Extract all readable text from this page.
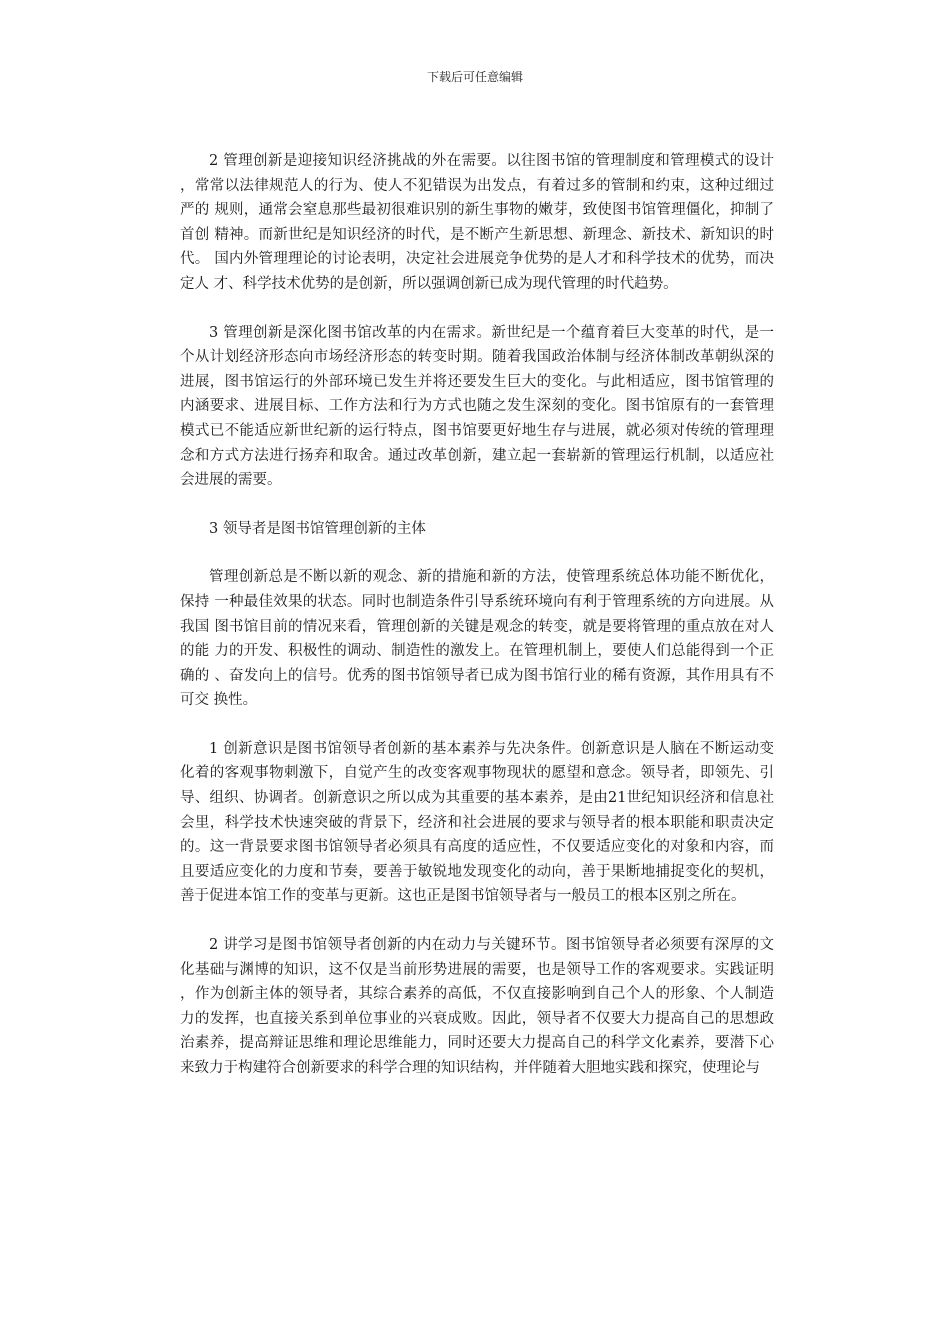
下载后可任意编辑

2 管理创新是迎接知识经济挑战的外在需要。以往图书馆的管理制度和管理模式的设计 ，常常以法律规范人的行为、使人不犯错误为出发点，有着过多的管制和约束，这种过细过严的 规则，通常会窒息那些最初很难识别的新生事物的嫩芽，致使图书馆管理僵化，抑制了首创 精神。而新世纪是知识经济的时代，是不断产生新思想、新理念、新技术、新知识的时代。 国内外管理理论的讨论表明，决定社会进展竞争优势的是人才和科学技术的优势，而决定人 才、科学技术优势的是创新，所以强调创新已成为现代管理的时代趋势。

3 管理创新是深化图书馆改革的内在需求。新世纪是一个蕴育着巨大变革的时代，是一 个从计划经济形态向市场经济形态的转变时期。随着我国政治体制与经济体制改革朝纵深的 进展，图书馆运行的外部环境已发生并将还要发生巨大的变化。与此相适应，图书馆管理的 内涵要求、进展目标、工作方法和行为方式也随之发生深刻的变化。图书馆原有的一套管理 模式已不能适应新世纪新的运行特点，图书馆要更好地生存与进展，就必须对传统的管理理 念和方式方法进行扬弃和取舍。通过改革创新，建立起一套崭新的管理运行机制，以适应社会进展的需要。

3 领导者是图书馆管理创新的主体

管理创新总是不断以新的观念、新的措施和新的方法，使管理系统总体功能不断优化，保持 一种最佳效果的状态。同时也制造条件引导系统环境向有利于管理系统的方向进展。从我国 图书馆目前的情况来看，管理创新的关键是观念的转变，就是要将管理的重点放在对人的能 力的开发、积极性的调动、制造性的激发上。在管理机制上，要使人们总能得到一个正确的 、奋发向上的信号。优秀的图书馆领导者已成为图书馆行业的稀有资源，其作用具有不可交 换性。

1 创新意识是图书馆领导者创新的基本素养与先决条件。创新意识是人脑在不断运动变 化着的客观事物刺激下，自觉产生的改变客观事物现状的愿望和意念。领导者，即领先、引 导、组织、协调者。创新意识之所以成为其重要的基本素养，是由21世纪知识经济和信息社 会里，科学技术快速突破的背景下，经济和社会进展的要求与领导者的根本职能和职责决定 的。这一背景要求图书馆领导者必须具有高度的适应性，不仅要适应变化的对象和内容，而 且要适应变化的力度和节奏，要善于敏锐地发现变化的动向，善于果断地捕捉变化的契机，善于促进本馆工作的变革与更新。这也正是图书馆领导者与一般员工的根本区别之所在。

2 讲学习是图书馆领导者创新的内在动力与关键环节。图书馆领导者必须要有深厚的文 化基础与渊博的知识，这不仅是当前形势进展的需要，也是领导工作的客观要求。实践证明 ，作为创新主体的领导者，其综合素养的高低，不仅直接影响到自己个人的形象、个人制造 力的发挥，也直接关系到单位事业的兴衰成败。因此，领导者不仅要大力提高自己的思想政 治素养，提高辩证思维和理论思维能力，同时还要大力提高自己的科学文化素养，要潜下心 来致力于构建符合创新要求的科学合理的知识结构，并伴随着大胆地实践和探究，使理论与
